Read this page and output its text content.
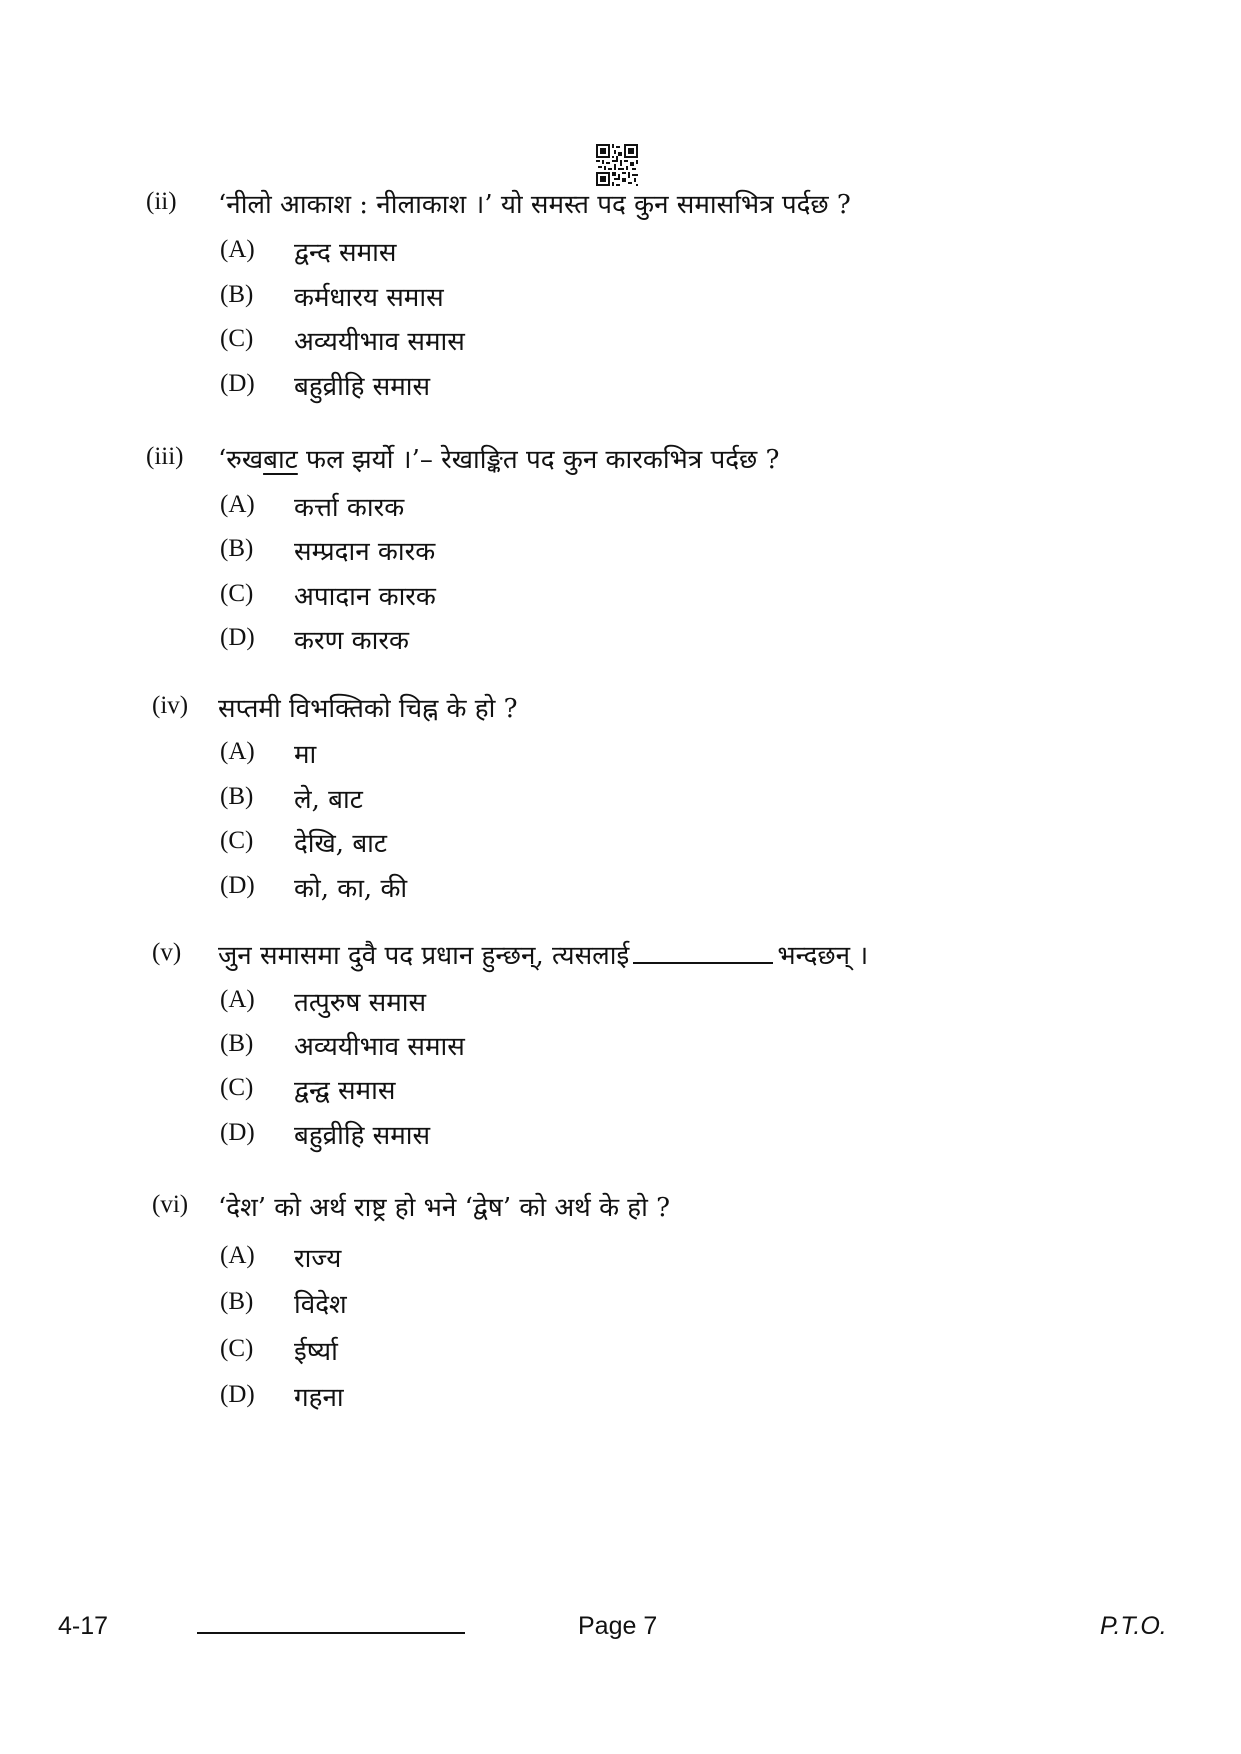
(ii) ‘नीलो आकाश : नीलाकाश ।’ यो समस्त पद कुन समासभित्र पर्दछ ?
(A) द्वन्द समास
(B) कर्मधारय समास
(C) अव्ययीभाव समास
(D) बहुव्रीहि समास
(iii) ‘रुखबाट फल झर्यो ।’– रेखाङ्कित पद कुन कारकभित्र पर्दछ ?
(A) कर्त्ता कारक
(B) सम्प्रदान कारक
(C) अपादान कारक
(D) करण कारक
(iv) सप्तमी विभक्तिको चिह्न के हो ?
(A) मा
(B) ले, बाट
(C) देखि, बाट
(D) को, का, की
(v) जुन समासमा दुवै पद प्रधान हुन्छन्, त्यसलाई	भन्दछन् ।
(A) तत्पुरुष समास
(B) अव्ययीभाव समास
(C) द्वन्द्व समास
(D) बहुव्रीहि समास
(vi) ‘देश’ को अर्थ राष्ट्र हो भने ‘द्वेष’ को अर्थ के हो ?
(A) राज्य
(B) विदेश
(C) ईर्ष्या
(D) गहना
4-17	Page 7	P.T.O.
